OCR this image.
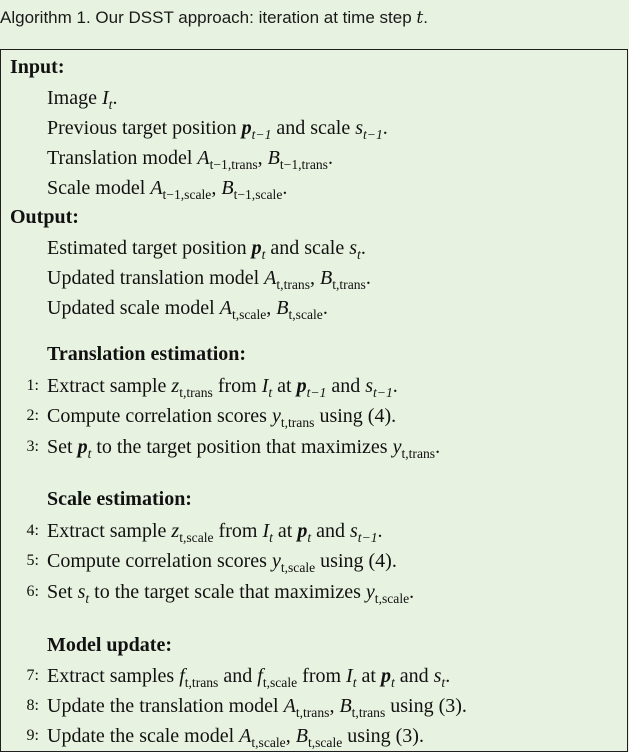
Algorithm 1. Our DSST approach: iteration at time step t.
Input:
Image $I_t$.
Previous target position $p_{t-1}$ and scale $s_{t-1}$.
Translation model $A_{t-1,trans}$, $B_{t-1,trans}$.
Scale model $A_{t-1,scale}$, $B_{t-1,scale}$.
Output:
Estimated target position $p_t$ and scale $s_t$.
Updated translation model $A_{t,trans}$, $B_{t,trans}$.
Updated scale model $A_{t,scale}$, $B_{t,scale}$.
Translation estimation:
1: Extract sample $z_{t,trans}$ from $I_t$ at $p_{t-1}$ and $s_{t-1}$.
2: Compute correlation scores $y_{t,trans}$ using (4).
3: Set $p_t$ to the target position that maximizes $y_{t,trans}$.
Scale estimation:
4: Extract sample $z_{t,scale}$ from $I_t$ at $p_t$ and $s_{t-1}$.
5: Compute correlation scores $y_{t,scale}$ using (4).
6: Set $s_t$ to the target scale that maximizes $y_{t,scale}$.
Model update:
7: Extract samples $f_{t,trans}$ and $f_{t,scale}$ from $I_t$ at $p_t$ and $s_t$.
8: Update the translation model $A_{t,trans}$, $B_{t,trans}$ using (3).
9: Update the scale model $A_{t,scale}$, $B_{t,scale}$ using (3).
